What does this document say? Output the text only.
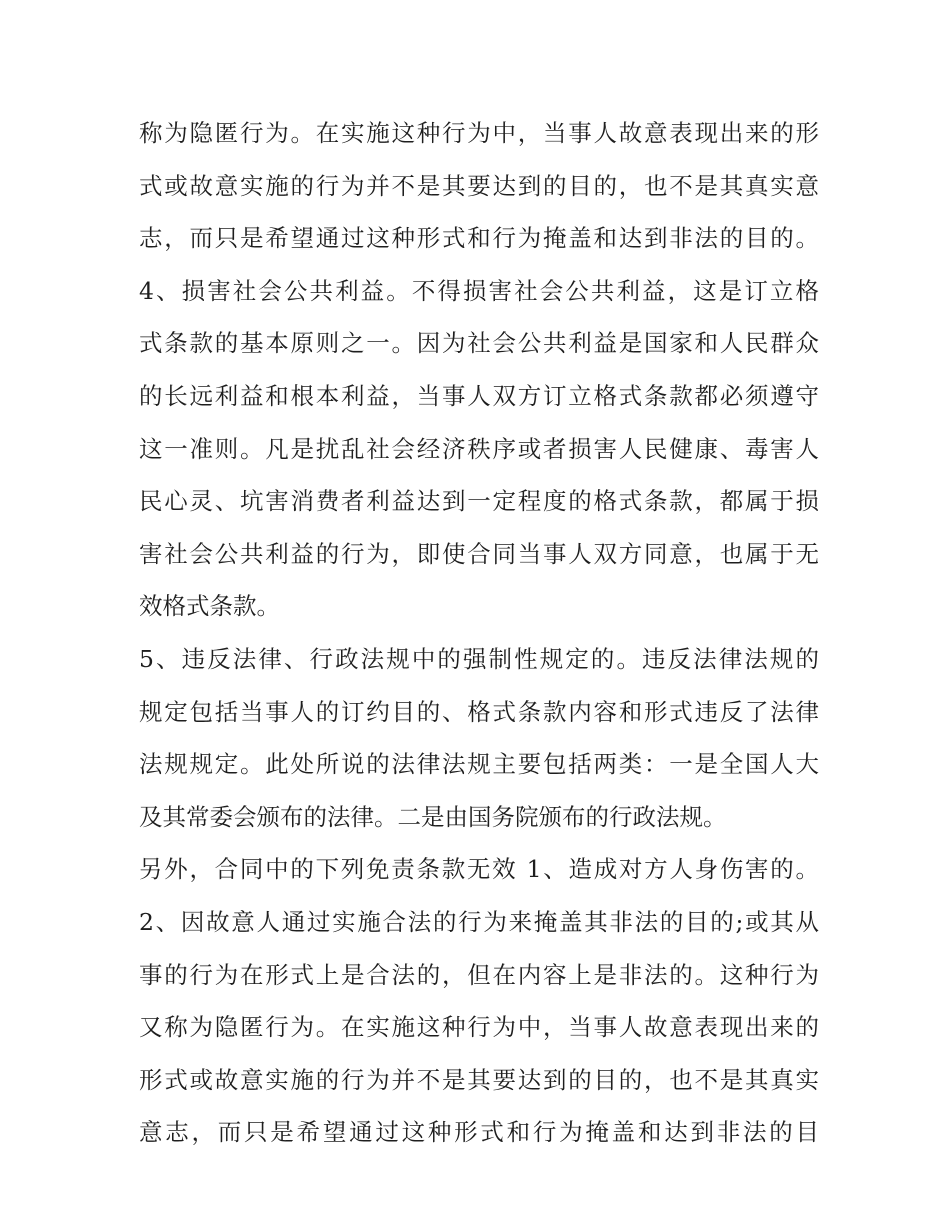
称为隐匿行为。在实施这种行为中，当事人故意表现出来的形
式或故意实施的行为并不是其要达到的目的，也不是其真实意
志，而只是希望通过这种形式和行为掩盖和达到非法的目的。
4、损害社会公共利益。不得损害社会公共利益，这是订立格
式条款的基本原则之一。因为社会公共利益是国家和人民群众
的长远利益和根本利益，当事人双方订立格式条款都必须遵守
这一准则。凡是扰乱社会经济秩序或者损害人民健康、毒害人
民心灵、坑害消费者利益达到一定程度的格式条款，都属于损
害社会公共利益的行为，即使合同当事人双方同意，也属于无
效格式条款。
5、违反法律、行政法规中的强制性规定的。违反法律法规的
规定包括当事人的订约目的、格式条款内容和形式违反了法律
法规规定。此处所说的法律法规主要包括两类：一是全国人大
及其常委会颁布的法律。二是由国务院颁布的行政法规。
另外，合同中的下列免责条款无效 1、造成对方人身伤害的。
2、因故意人通过实施合法的行为来掩盖其非法的目的;或其从
事的行为在形式上是合法的，但在内容上是非法的。这种行为
又称为隐匿行为。在实施这种行为中，当事人故意表现出来的
形式或故意实施的行为并不是其要达到的目的，也不是其真实
意志，而只是希望通过这种形式和行为掩盖和达到非法的目
